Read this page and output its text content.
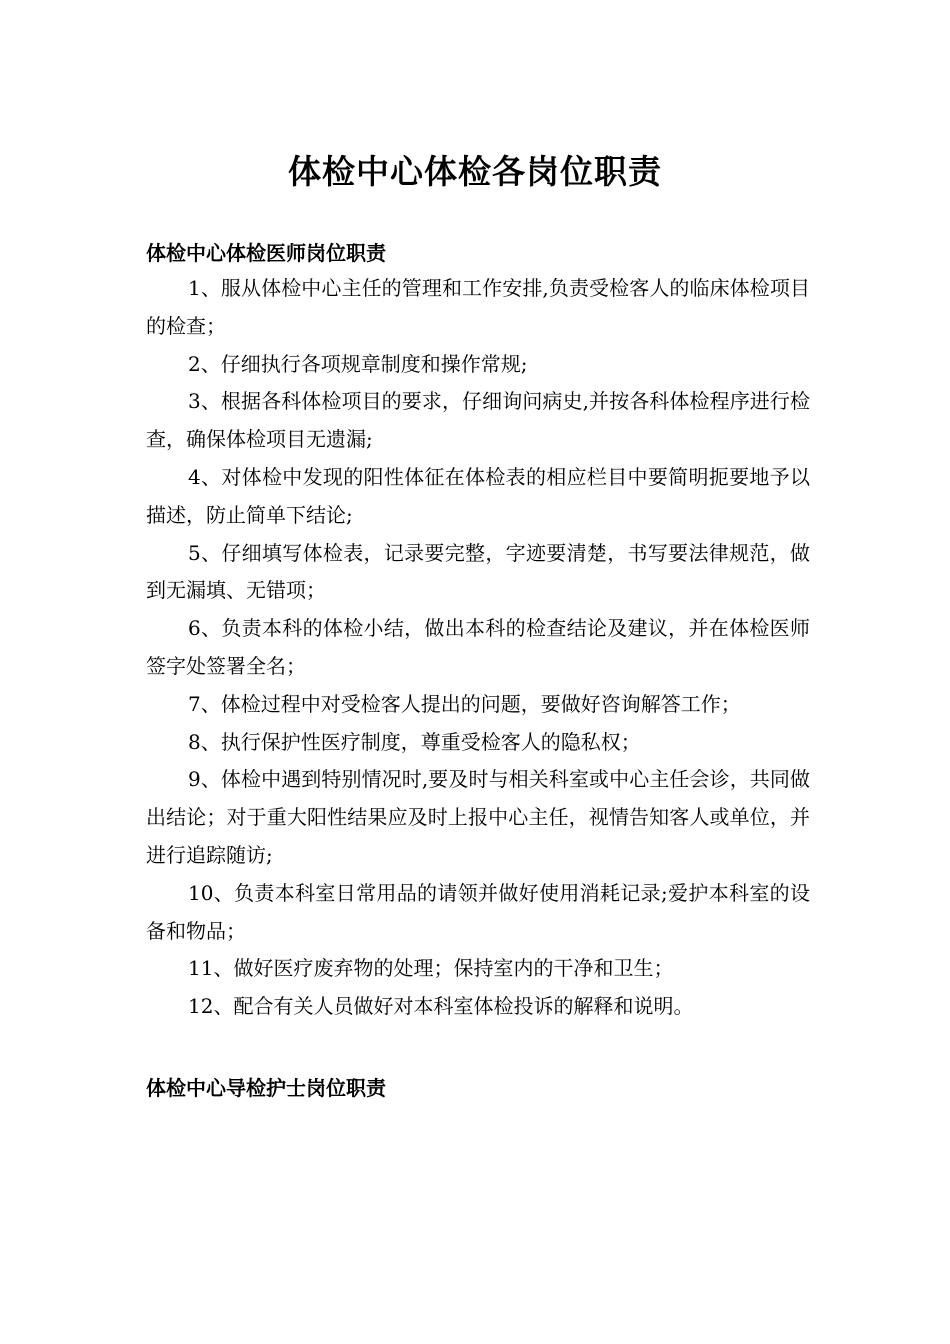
体检中心体检各岗位职责
体检中心体检医师岗位职责

1、服从体检中心主任的管理和工作安排,负责受检客人的临床体检项目的检查；

2、仔细执行各项规章制度和操作常规;

3、根据各科体检项目的要求，仔细询问病史,并按各科体检程序进行检查，确保体检项目无遗漏;

4、对体检中发现的阳性体征在体检表的相应栏目中要简明扼要地予以描述，防止简单下结论;

5、仔细填写体检表，记录要完整，字迹要清楚，书写要法律规范，做到无漏填、无错项；

6、负责本科的体检小结，做出本科的检查结论及建议，并在体检医师签字处签署全名；

7、体检过程中对受检客人提出的问题，要做好咨询解答工作；

8、执行保护性医疗制度，尊重受检客人的隐私权；

9、体检中遇到特别情况时,要及时与相关科室或中心主任会诊，共同做出结论；对于重大阳性结果应及时上报中心主任，视情告知客人或单位，并进行追踪随访;

10、负责本科室日常用品的请领并做好使用消耗记录;爱护本科室的设备和物品；

11、做好医疗废弃物的处理；保持室内的干净和卫生；

12、配合有关人员做好对本科室体检投诉的解释和说明。

体检中心导检护士岗位职责
